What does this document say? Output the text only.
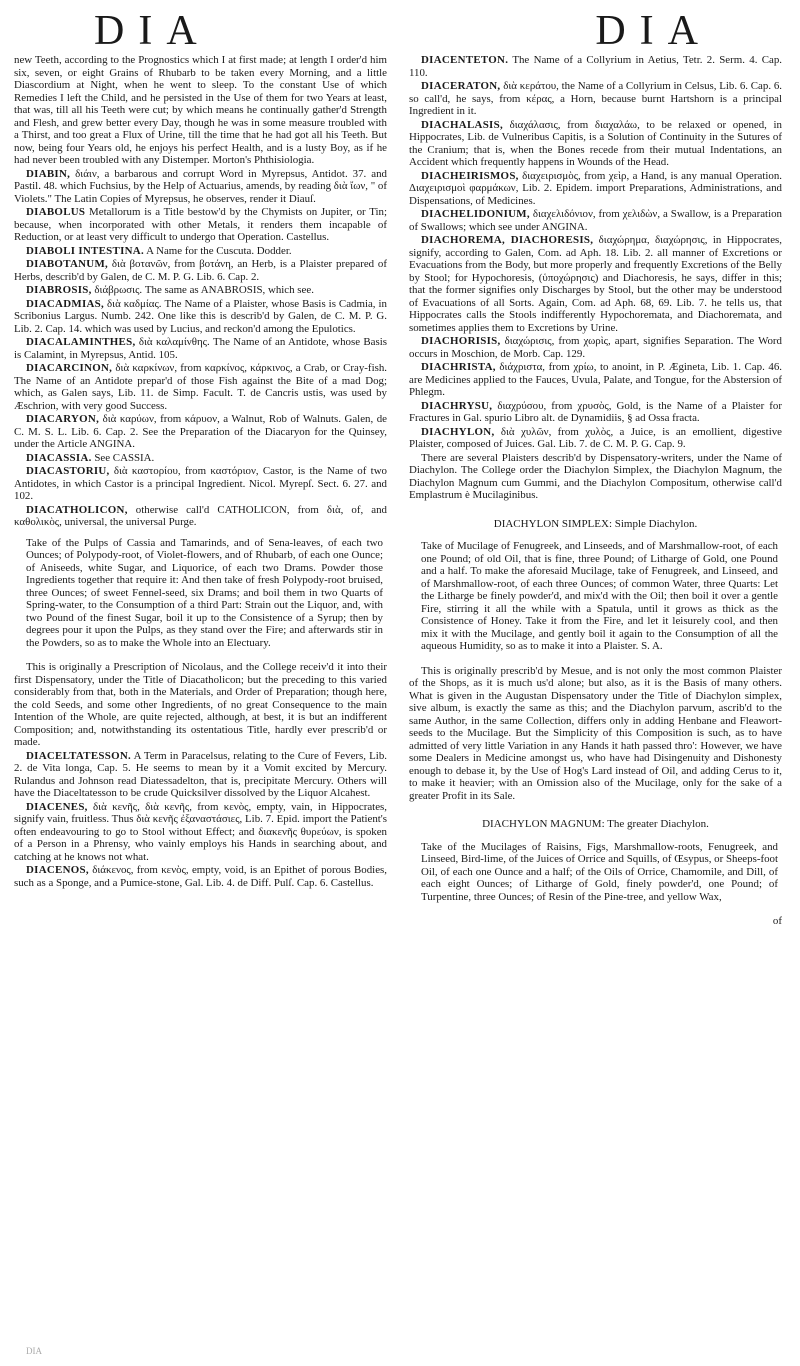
DIA	DIA

new Teeth, according to the Prognostics which I at first made; at length I order'd him six, seven, or eight Grains of Rhubarb to be taken every Morning, and a little Diascordium at Night, when he went to sleep. To the constant Use of which Remedies I left the Child, and he persisted in the Use of them for two Years at least, that was, till all his Teeth were cut; by which means he continually gather'd Strength and Flesh, and grew better every Day, though he was in some measure troubled with a Thirst, and too great a Flux of Urine, till the time that he had got all his Teeth. But now, being four Years old, he enjoys his perfect Health, and is a lusty Boy, as if he had never been troubled with any Distemper. Morton's Phthisiologia.

DIABIN, διάιν, a barbarous and corrupt Word in Myrepsus, Antidot. 37. and Pastil. 48. which Fuchsius, by the Help of Actuarius, amends, by reading διὰ ἴων, " of Violets." The Latin Copies of Myrepsus, he observes, render it Diauſ.

DIABOLUS Metallorum is a Title bestow'd by the Chymists on Jupiter, or Tin; because, when incorporated with other Metals, it renders them incapable of Reduction, or at least very difficult to undergo that Operation. Castellus.

DIABOLI INTESTINA. A Name for the Cuscuta. Dodder.

DIABOTANUM, διὰ βοτανῶν, from βοτάνη, an Herb, is a Plaister prepared of Herbs, describ'd by Galen, de C. M. P. G. Lib. 6. Cap. 2.

DIABROSIS, διάβρωσις. The same as ANABROSIS, which see.

DIACADMIAS, διὰ καδμίας. The Name of a Plaister, whose Basis is Cadmia, in Scribonius Largus. Numb. 242. One like this is describ'd by Galen, de C. M. P. G. Lib. 2. Cap. 14. which was used by Lucius, and reckon'd among the Epulotics.

DIACALAMINTHES, διὰ καλαμίνθης. The Name of an Antidote, whose Basis is Calamint, in Myrepsus, Antid. 105.

DIACARCINON, διὰ καρκίνων, from καρκίνος, κάρκινος, a Crab, or Cray-fish. The Name of an Antidote prepar'd of those Fish against the Bite of a mad Dog; which, as Galen says, Lib. 11. de Simp. Facult. T. de Cancris ustis, was used by Æschrion, with very good Success.

DIACARYON, διὰ καρύων, from κάρυον, a Walnut, Rob of Walnuts. Galen, de C. M. S. L. Lib. 6. Cap. 2. See the Preparation of the Diacaryon for the Quinsey, under the Article ANGINA.

DIACASSIA. See CASSIA.

DIACASTORIU, διὰ καστορίου, from καστόριον, Castor, is the Name of two Antidotes, in which Castor is a principal Ingredient. Nicol. Myrepſ. Sect. 6. 27. and 102.

DIACATHOLICON, otherwise call'd CATHOLICON, from διὰ, of, and καθολικὸς, universal, the universal Purge.

Take of the Pulps of Cassia and Tamarinds, and of Sena-leaves, of each two Ounces; of Polypody-root, of Violet-flowers, and of Rhubarb, of each one Ounce; of Aniseeds, white Sugar, and Liquorice, of each two Drams. Powder those Ingredients together that require it: And then take of fresh Polypody-root bruised, three Ounces; of sweet Fennel-seed, six Drams; and boil them in two Quarts of Spring-water, to the Consumption of a third Part: Strain out the Liquor, and, with two Pound of the finest Sugar, boil it up to the Consistence of a Syrup; then by degrees pour it upon the Pulps, as they stand over the Fire; and afterwards stir in the Powders, so as to make the Whole into an Electuary.

This is originally a Prescription of Nicolaus, and the College receiv'd it into their first Dispensatory, under the Title of Diacatholicon; but the preceding to this varied considerably from that, both in the Materials, and Order of Preparation; though here, the cold Seeds, and some other Ingredients, of no great Consequence to the main Intention of the Whole, are quite rejected, although, at best, it is but an indifferent Composition; and, notwithstanding its ostentatious Title, hardly ever prescrib'd or made.

DIACELTATESSON. A Term in Paracelsus, relating to the Cure of Fevers, Lib. 2. de Vita longa, Cap. 5. He seems to mean by it a Vomit excited by Mercury. Rulandus and Johnson read Diatessadelton, that is, precipitate Mercury. Others will have the Diaceltatesson to be crude Quicksilver dissolved by the Liquor Alcahest.

DIACENES, διὰ κενῆς, διὰ κενῆς, from κενὸς, empty, vain, in Hippocrates, signify vain, fruitless. Thus διὰ κενῆς ἐξαναστάσιες, Lib. 7. Epid. import the Patient's often endeavouring to go to Stool without Effect; and διακενῆς θυρεύων, is spoken of a Person in a Phrensy, who vainly employs his Hands in searching about, and catching at he knows not what.

DIACENOS, διάκενος, from κενὸς, empty, void, is an Epithet of porous Bodies, such as a Sponge, and a Pumice-stone, Gal. Lib. 4. de Diff. Pulſ. Cap. 6. Castellus.

DIACENTETON. The Name of a Collyrium in Aetius, Tetr. 2. Serm. 4. Cap. 110.

DIACERATON, διὰ κεράτου, the Name of a Collyrium in Celsus, Lib. 6. Cap. 6. so call'd, he says, from κέρας, a Horn, because burnt Hartshorn is a principal Ingredient in it.

DIACHALASIS, διαχάλασις, from διαχαλάω, to be relaxed or opened, in Hippocrates, Lib. de Vulneribus Capitis, is a Solution of Continuity in the Sutures of the Cranium; that is, when the Bones recede from their mutual Indentations, an Accident which frequently happens in Wounds of the Head.

DIACHEIRISMOS, διαχειρισμὸς, from χεὶρ, a Hand, is any manual Operation. Διαχειρισμοὶ φαρμάκων, Lib. 2. Epidem. import Preparations, Administrations, and Dispensations, of Medicines.

DIACHELIDONIUM, διαχελιδόνιον, from χελιδὼν, a Swallow, is a Preparation of Swallows; which see under ANGINA.

DIACHOREMA, DIACHORESIS, διαχώρημα, διαχώρησις, in Hippocrates, signify, according to Galen, Com. ad Aph. 18. Lib. 2. all manner of Excretions or Evacuations from the Body, but more properly and frequently Excretions of the Belly by Stool; for Hypochoresis, (ὑποχώρησις) and Diachoresis, he says, differ in this; that the former signifies only Discharges by Stool, but the other may be understood of Evacuations of all Sorts. Again, Com. ad Aph. 68, 69. Lib. 7. he tells us, that Hippocrates calls the Stools indifferently Hypochoremata, and Diachoremata, and sometimes applies them to Excretions by Urine.

DIACHORISIS, διαχώρισις, from χωρὶς, apart, signifies Separation. The Word occurs in Moschion, de Morb. Cap. 129.

DIACHRISTA, διάχριστα, from χρίω, to anoint, in P. Ægineta, Lib. 1. Cap. 46. are Medicines applied to the Fauces, Uvula, Palate, and Tongue, for the Abstersion of Phlegm.

DIACHRYSU, διαχρύσου, from χρυσὸς, Gold, is the Name of a Plaister for Fractures in Gal. spurio Libro alt. de Dynamidiis, § ad Ossa fracta.

DIACHYLON, διὰ χυλῶν, from χυλὸς, a Juice, is an emollient, digestive Plaister, composed of Juices. Gal. Lib. 7. de C. M. P. G. Cap. 9.

There are several Plaisters describ'd by Dispensatory-writers, under the Name of Diachylon. The College order the Diachylon Simplex, the Diachylon Magnum, the Diachylon Magnum cum Gummi, and the Diachylon Compositum, otherwise call'd Emplastrum è Mucilaginibus.

DIACHYLON SIMPLEX: Simple Diachylon.

Take of Mucilage of Fenugreek, and Linseeds, and of Marshmallow-root, of each one Pound; of old Oil, that is fine, three Pound; of Litharge of Gold, one Pound and a half. To make the aforesaid Mucilage, take of Fenugreek, and Linseed, and of Marshmallow-root, of each three Ounces; of common Water, three Quarts: Let the Litharge be finely powder'd, and mix'd with the Oil; then boil it over a gentle Fire, stirring it all the while with a Spatula, until it grows as thick as the Consistence of Honey. Take it from the Fire, and let it leisurely cool, and then mix it with the Mucilage, and gently boil it again to the Consumption of all the aqueous Humidity, so as to make it into a Plaister. S. A.

This is originally prescrib'd by Mesue, and is not only the most common Plaister of the Shops, as it is much us'd alone; but also, as it is the Basis of many others. What is given in the Augustan Dispensatory under the Title of Diachylon simplex, sive album, is exactly the same as this; and the Diachylon parvum, ascrib'd to the same Author, in the same Collection, differs only in adding Henbane and Fleawort-seeds to the Mucilage. But the Simplicity of this Composition is such, as to have admitted of very little Variation in any Hands it hath passed thro': However, we have some Dealers in Medicine amongst us, who have had Disingenuity and Dishonesty enough to debase it, by the Use of Hog's Lard instead of Oil, and adding Cerus to it, to make it heavier; with an Omission also of the Mucilage, only for the sake of a greater Profit in its Sale.

DIACHYLON MAGNUM: The greater Diachylon.

Take of the Mucilages of Raisins, Figs, Marshmallow-roots, Fenugreek, and Linseed, Bird-lime, of the Juices of Orrice and Squills, of Œsypus, or Sheeps-foot Oil, of each one Ounce and a half; of the Oils of Orrice, Chamomile, and Dill, of each eight Ounces; of Litharge of Gold, finely powder'd, one Pound; of Turpentine, three Ounces; of Resin of the Pine-tree, and yellow Wax,

of

DIA
